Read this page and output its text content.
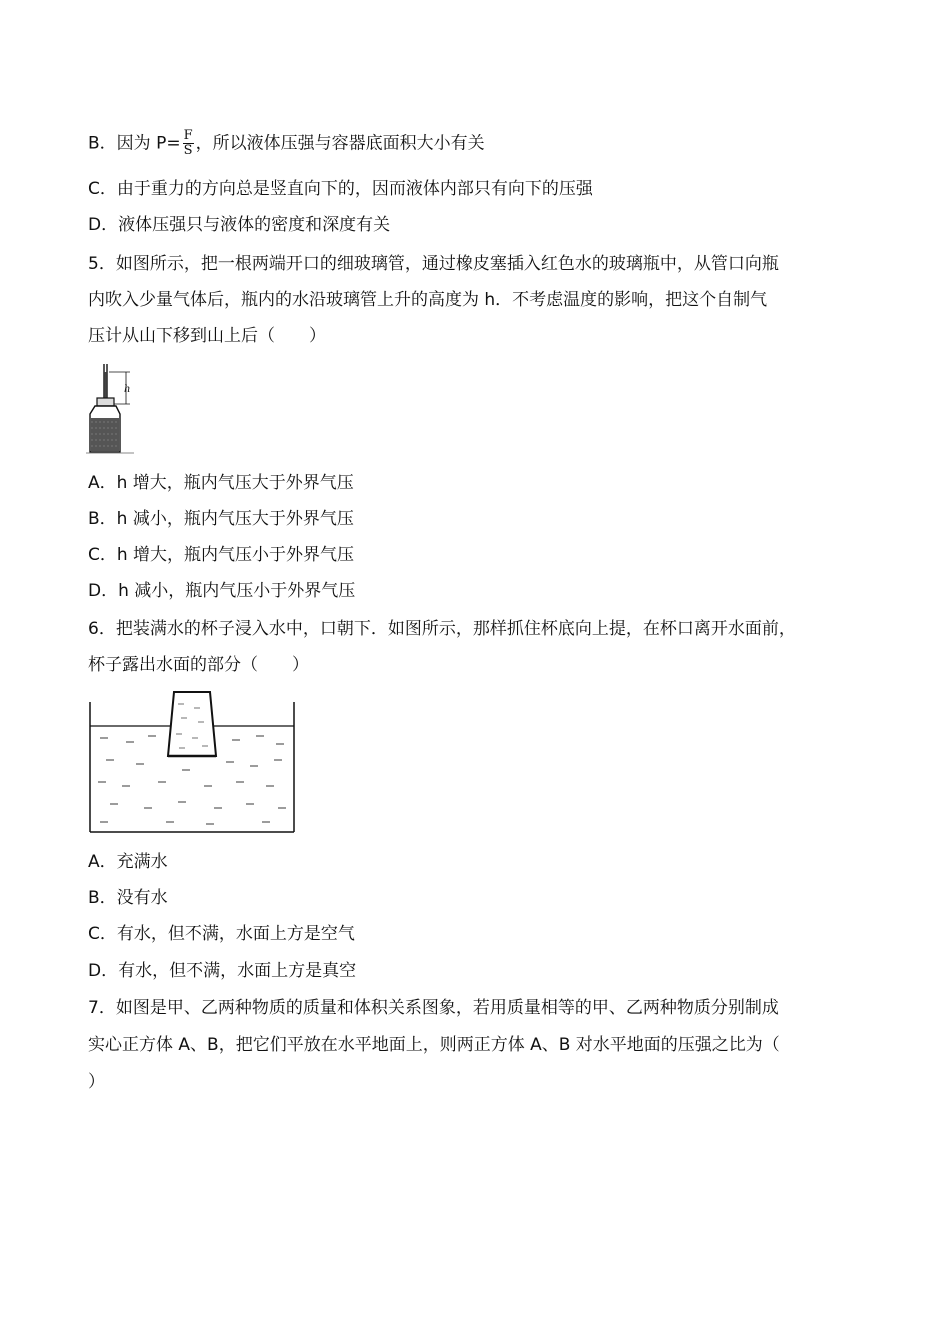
B．因为 $P= \frac{F}{S}$ ，所以液体压强与容器底面积大小有关
C．由于重力的方向总是竖直向下的，因而液体内部只有向下的压强
D．液体压强只与液体的密度和深度有关
5．如图所示，把一根两端开口的细玻璃管，通过橡皮塞插入红色水的玻璃瓶中，从管口向瓶
内吹入少量气体后，瓶内的水沿玻璃管上升的高度为 h．不考虑温度的影响，把这个自制气
压计从山下移到山上后（　　）
h
A．h 增大，瓶内气压大于外界气压
B．h 减小，瓶内气压大于外界气压
C．h 增大，瓶内气压小于外界气压
D．h 减小，瓶内气压小于外界气压
6．把装满水的杯子浸入水中，口朝下．如图所示，那样抓住杯底向上提，在杯口离开水面前，
杯子露出水面的部分（　　）
A．充满水
B．没有水
C．有水，但不满，水面上方是空气
D．有水，但不满，水面上方是真空
7．如图是甲、乙两种物质的质量和体积关系图象，若用质量相等的甲、乙两种物质分别制成
实心正方体 A、B，把它们平放在水平地面上，则两正方体 A、B 对水平地面的压强之比为（
）
